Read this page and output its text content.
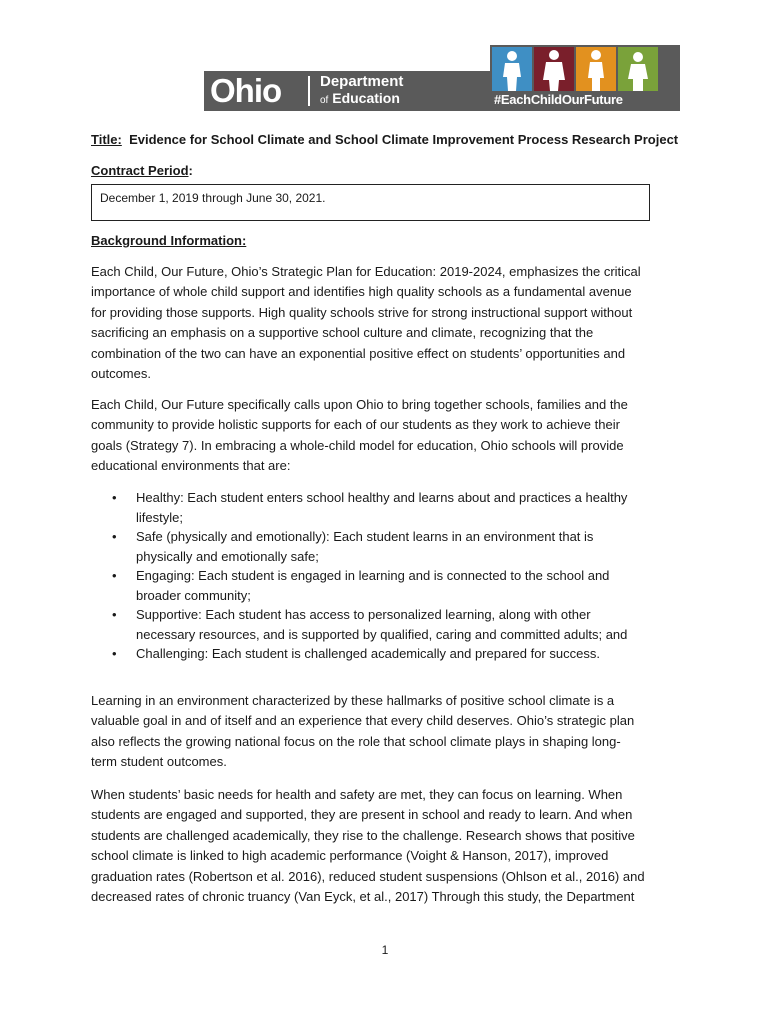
Ohio	Department
of Education	#EachChildOurFuture
Title: Evidence for School Climate and School Climate Improvement Process Research Project
Contract Period:
December 1, 2019 through June 30, 2021.
Background Information:
Each Child, Our Future, Ohio’s Strategic Plan for Education: 2019-2024, emphasizes the critical
importance of whole child support and identifies high quality schools as a fundamental avenue
for providing those supports. High quality schools strive for strong instructional support without
sacrificing an emphasis on a supportive school culture and climate, recognizing that the
combination of the two can have an exponential positive effect on students’ opportunities and
outcomes.
Each Child, Our Future specifically calls upon Ohio to bring together schools, families and the
community to provide holistic supports for each of our students as they work to achieve their
goals (Strategy 7). In embracing a whole-child model for education, Ohio schools will provide
educational environments that are:
• Healthy: Each student enters school healthy and learns about and practices a healthy
lifestyle;
• Safe (physically and emotionally): Each student learns in an environment that is
physically and emotionally safe;
• Engaging: Each student is engaged in learning and is connected to the school and
broader community;
• Supportive: Each student has access to personalized learning, along with other
necessary resources, and is supported by qualified, caring and committed adults; and
• Challenging: Each student is challenged academically and prepared for success.
Learning in an environment characterized by these hallmarks of positive school climate is a
valuable goal in and of itself and an experience that every child deserves. Ohio’s strategic plan
also reflects the growing national focus on the role that school climate plays in shaping long-
term student outcomes.
When students’ basic needs for health and safety are met, they can focus on learning. When
students are engaged and supported, they are present in school and ready to learn. And when
students are challenged academically, they rise to the challenge. Research shows that positive
school climate is linked to high academic performance (Voight & Hanson, 2017), improved
graduation rates (Robertson et al. 2016), reduced student suspensions (Ohlson et al., 2016) and
decreased rates of chronic truancy (Van Eyck, et al., 2017) Through this study, the Department
1
